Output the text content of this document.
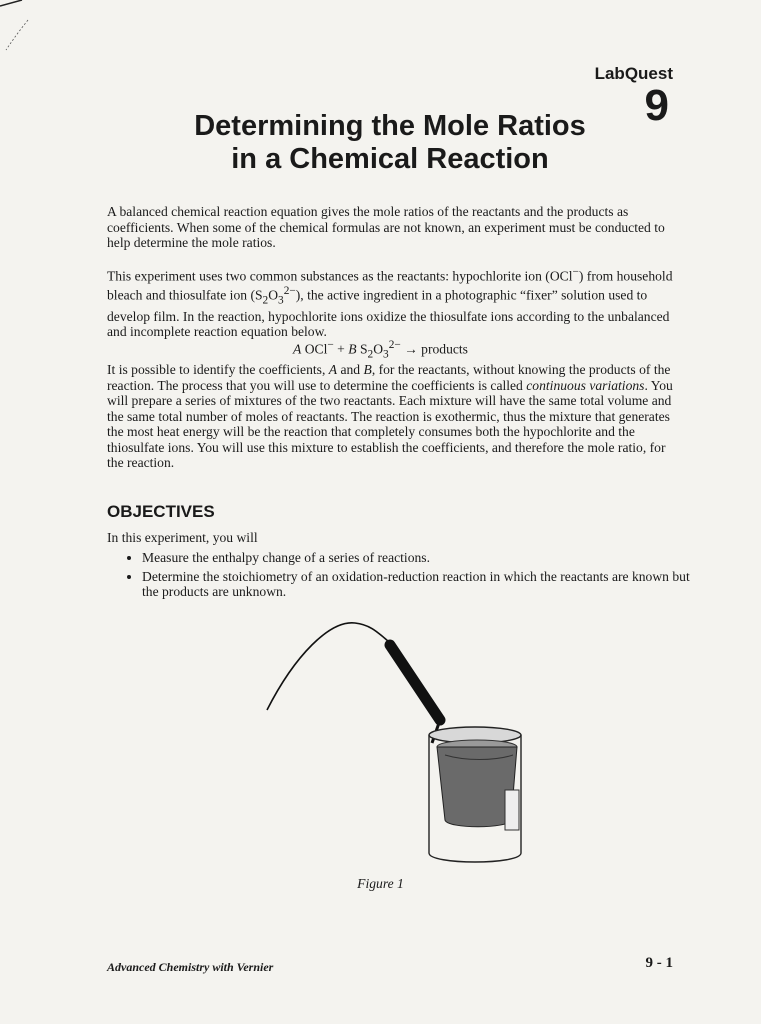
LabQuest
9
Determining the Mole Ratios
in a Chemical Reaction

A balanced chemical reaction equation gives the mole ratios of the reactants and the products as coefficients. When some of the chemical formulas are not known, an experiment must be conducted to help determine the mole ratios.

This experiment uses two common substances as the reactants: hypochlorite ion (OCl−) from household bleach and thiosulfate ion $(S_2O_3^{2-})$, the active ingredient in a photographic “fixer” solution used to develop film. In the reaction, hypochlorite ions oxidize the thiosulfate ions according to the unbalanced and incomplete reaction equation below.

A OCl− + B $S_2O_3^{2-}$ → products

It is possible to identify the coefficients, A and B, for the reactants, without knowing the products of the reaction. The process that you will use to determine the coefficients is called continuous variations. You will prepare a series of mixtures of the two reactants. Each mixture will have the same total volume and the same total number of moles of reactants. The reaction is exothermic, thus the mixture that generates the most heat energy will be the reaction that completely consumes both the hypochlorite and the thiosulfate ions. You will use this mixture to establish the coefficients, and therefore the mole ratio, for the reaction.

OBJECTIVES
In this experiment, you will
• Measure the enthalpy change of a series of reactions.
• Determine the stoichiometry of an oxidation-reduction reaction in which the reactants are known but the products are unknown.
Figure 1
Advanced Chemistry with Vernier	9 - 1
